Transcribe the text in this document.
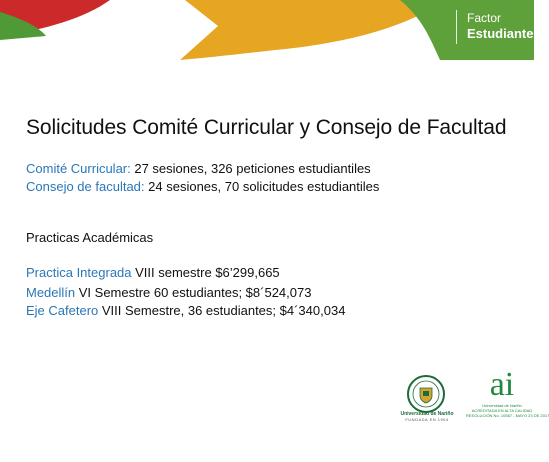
Factor
Estudiantes
Solicitudes Comité Curricular y Consejo de Facultad
Comité Curricular: 27 sesiones, 326 peticiones estudiantiles
Consejo de facultad: 24 sesiones, 70 solicitudes estudiantiles
Practicas Académicas
Practica Integrada VIII semestre $6’299,665
Medellín VI Semestre 60 estudiantes; $8´524,073
Eje Cafetero VIII Semestre, 36 estudiantes; $4´340,034
Universidad de Nariño
FUNDADA EN 1904
ai
Universidad de Nariño
ACREDITADA EN ALTA CALIDAD
RESOLUCIÓN No. 10567 - MAYO 23 DE 2017
